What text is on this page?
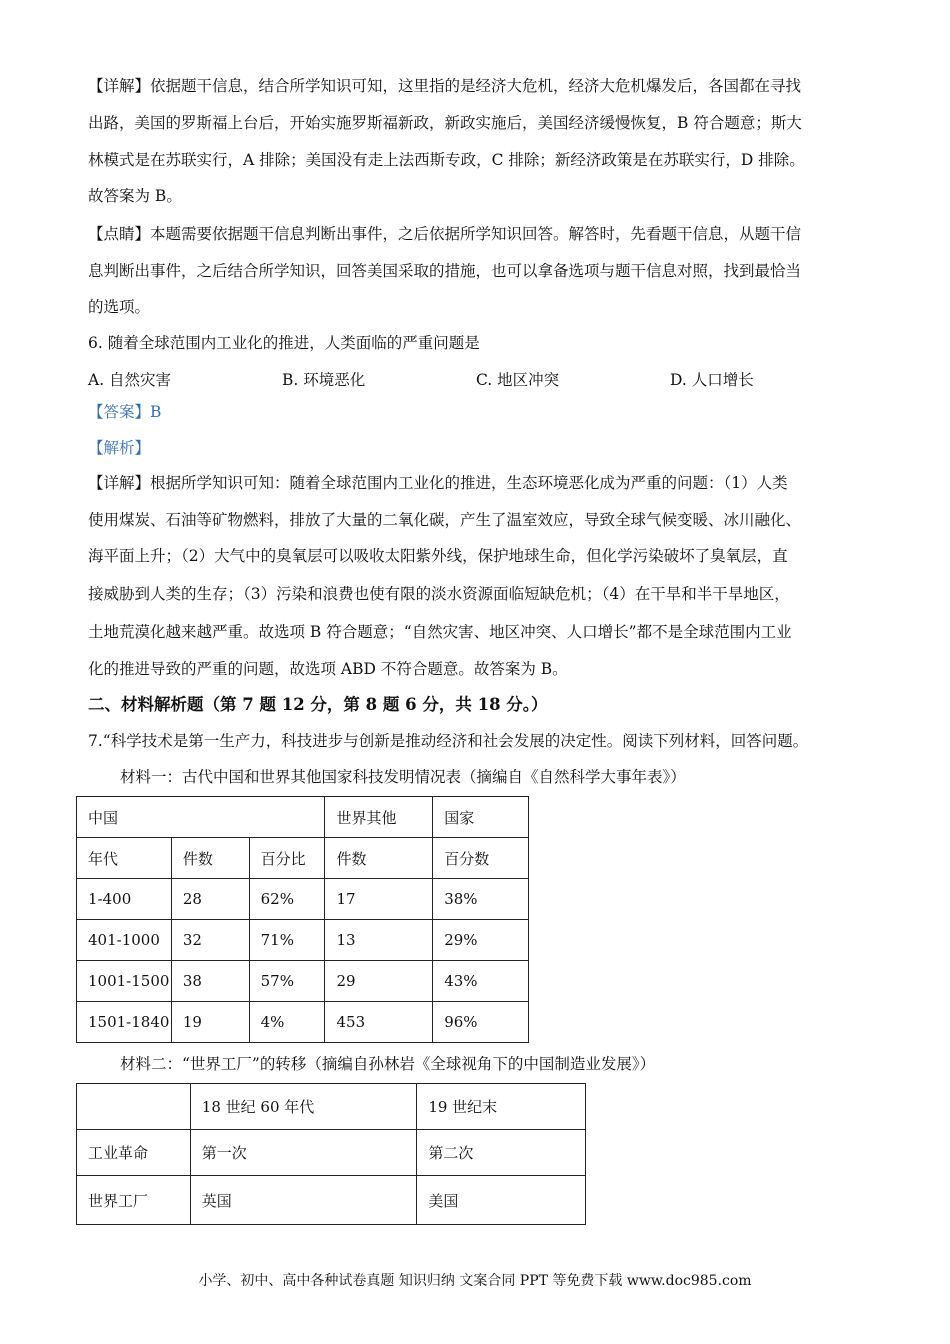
【详解】依据题干信息，结合所学知识可知，这里指的是经济大危机，经济大危机爆发后，各国都在寻找
出路，美国的罗斯福上台后，开始实施罗斯福新政，新政实施后，美国经济缓慢恢复，B 符合题意；斯大
林模式是在苏联实行，A 排除；美国没有走上法西斯专政，C 排除；新经济政策是在苏联实行，D 排除。
故答案为 B。
【点睛】本题需要依据题干信息判断出事件，之后依据所学知识回答。解答时，先看题干信息，从题干信
息判断出事件，之后结合所学知识，回答美国采取的措施，也可以拿备选项与题干信息对照，找到最恰当
的选项。
6. 随着全球范围内工业化的推进，人类面临的严重问题是
A. 自然灾害	B. 环境恶化	C. 地区冲突	D. 人口增长
【答案】B
【解析】
【详解】根据所学知识可知：随着全球范围内工业化的推进，生态环境恶化成为严重的问题：（1）人类
使用煤炭、石油等矿物燃料，排放了大量的二氧化碳，产生了温室效应，导致全球气候变暖、冰川融化、
海平面上升；（2）大气中的臭氧层可以吸收太阳紫外线，保护地球生命，但化学污染破坏了臭氧层，直
接威胁到人类的生存；（3）污染和浪费也使有限的淡水资源面临短缺危机；（4）在干旱和半干旱地区，
土地荒漠化越来越严重。故选项 B 符合题意；“自然灾害、地区冲突、人口增长”都不是全球范围内工业
化的推进导致的严重的问题，故选项 ABD 不符合题意。故答案为 B。
二、材料解析题（第 7 题 12 分，第 8 题 6 分，共 18 分。）
7.“科学技术是第一生产力，科技进步与创新是推动经济和社会发展的决定性。阅读下列材料，回答问题。
材料一：古代中国和世界其他国家科技发明情况表（摘编自《自然科学大事年表》）
中国			世界其他	国家
年代	件数	百分比	件数	百分数
1-400	28	62%	17	38%
401-1000	32	71%	13	29%
1001-1500	38	57%	29	43%
1501-1840	19	4%	453	96%
材料二：“世界工厂”的转移（摘编自孙林岩《全球视角下的中国制造业发展》）
	18 世纪 60 年代	19 世纪末
工业革命	第一次	第二次
世界工厂	英国	美国
小学、初中、高中各种试卷真题 知识归纳 文案合同 PPT 等免费下载 www.doc985.com
